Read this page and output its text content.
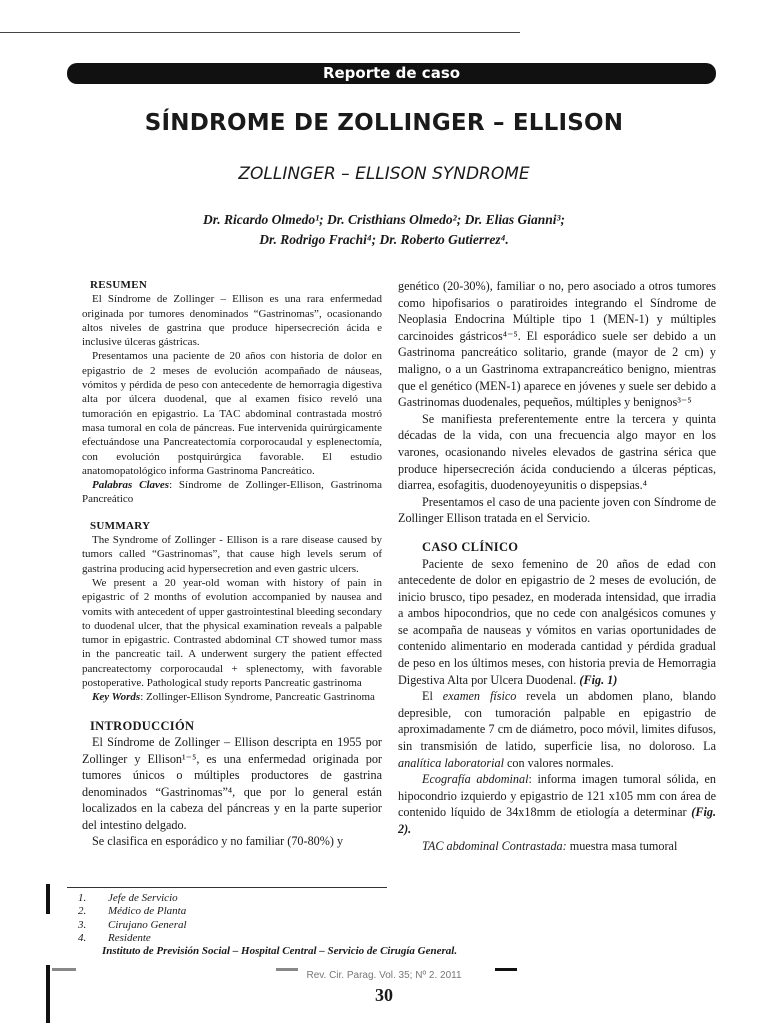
Reporte de caso
SÍNDROME DE ZOLLINGER – ELLISON
ZOLLINGER – ELLISON SYNDROME
Dr. Ricardo Olmedo¹; Dr. Cristhians Olmedo²; Dr. Elias Gianni³;
Dr. Rodrigo Frachi⁴; Dr. Roberto Gutierrez⁴.
RESUMEN

El Síndrome de Zollinger – Ellison es una rara enfermedad originada por tumores denominados “Gastrinomas”, ocasionando altos niveles de gastrina que produce hipersecreción ácida e inclusive úlceras gástricas.

Presentamos una paciente de 20 años con historia de dolor en epigastrio de 2 meses de evolución acompañado de náuseas, vómitos y pérdida de peso con antecedente de hemorragia digestiva alta por úlcera duodenal, que al examen físico reveló una tumoración en epigastrio. La TAC abdominal contrastada mostró masa tumoral en cola de páncreas. Fue intervenida quirúrgicamente efectuándose una Pancreatectomía corporocaudal y esplenectomía, con evolución postquirúrgica favorable. El estudio anatomopatológico informa Gastrinoma Pancreático.

Palabras Claves: Síndrome de Zollinger-Ellison, Gastrinoma Pancreático

SUMMARY

The Syndrome of Zollinger - Ellison is a rare disease caused by tumors called “Gastrinomas”, that cause high levels serum of gastrina producing acid hypersecretion and even gastric ulcers.

We present a 20 year-old woman with history of pain in epigastric of 2 months of evolution accompanied by nausea and vomits with antecedent of upper gastrointestinal bleeding secondary to duodenal ulcer, that the physical examination reveals a palpable tumor in epigastric. Contrasted abdominal CT showed tumor mass in the pancreatic tail. A underwent surgery the patient effected pancreatectomy corporocaudal + splenectomy, with favorable postoperative. Pathological study reports Pancreatic gastrinoma

Key Words: Zollinger-Ellison Syndrome, Pancreatic Gastrinoma

INTRODUCCIÓN

El Síndrome de Zollinger – Ellison descripta en 1955 por Zollinger y Ellison¹⁻⁵, es una enfermedad originada por tumores únicos o múltiples productores de gastrina denominados “Gastrinomas”⁴, que por lo general están localizados en la cabeza del páncreas y en la parte superior del intestino delgado.

Se clasifica en esporádico y no familiar (70-80%) y

genético (20-30%), familiar o no, pero asociado a otros tumores como hipofisarios o paratiroides integrando el Síndrome de Neoplasia Endocrina Múltiple tipo 1 (MEN-1) y múltiples carcinoides gástricos⁴⁻⁵. El esporádico suele ser debido a un Gastrinoma pancreático solitario, grande (mayor de 2 cm) y maligno, o a un Gastrinoma extrapancreático benigno, mientras que el genético (MEN-1) aparece en jóvenes y suele ser debido a Gastrinomas duodenales, pequeños, múltiples y benignos³⁻⁵

Se manifiesta preferentemente entre la tercera y quinta décadas de la vida, con una frecuencia algo mayor en los varones, ocasionando niveles elevados de gastrina sérica que produce hipersecreción ácida conduciendo a úlceras pépticas, diarrea, esofagitis, duodenoyeyunitis o dispepsias.⁴

Presentamos el caso de una paciente joven con Síndrome de Zollinger Ellison tratada en el Servicio.

CASO CLÍNICO

Paciente de sexo femenino de 20 años de edad con antecedente de dolor en epigastrio de 2 meses de evolución, de inicio brusco, tipo pesadez, en moderada intensidad, que irradia a ambos hipocondrios, que no cede con analgésicos comunes y se acompaña de nauseas y vómitos en varias oportunidades de contenido alimentario en moderada cantidad y pérdida gradual de peso en los últimos meses, con historia previa de Hemorragia Digestiva Alta por Ulcera Duodenal. (Fig. 1)

El examen físico revela un abdomen plano, blando depresible, con tumoración palpable en epigastrio de aproximadamente 7 cm de diámetro, poco móvil, limites difusos, sin transmisión de latido, superficie lisa, no doloroso. La analítica laboratorial con valores normales.

Ecografía abdominal: informa imagen tumoral sólida, en hipocondrio izquierdo y epigastrio de 121 x105 mm con área de contenido líquido de 34x18mm de etiología a determinar (Fig. 2).

TAC abdominal Contrastada: muestra masa tumoral

1.	Jefe de Servicio
2.	Médico de Planta
3.	Cirujano General
4.	Residente
Instituto de Previsión Social – Hospital Central – Servicio de Cirugía General.
Rev. Cir. Parag. Vol. 35; Nº 2. 2011
30
